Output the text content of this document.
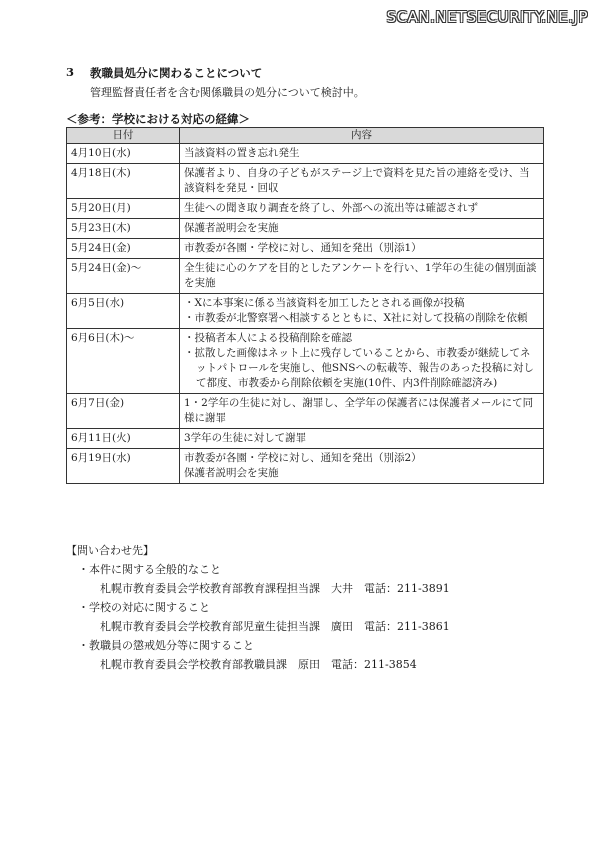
SCAN.NETSECURITY.NE.JP
3	教職員処分に関わることについて
管理監督責任者を含む関係職員の処分について検討中。
＜参考：学校における対応の経緯＞
日付	内容
4月10日(水)	当該資料の置き忘れ発生
4月18日(木)	保護者より、自身の子どもがステージ上で資料を見た旨の連絡を受け、当該資料を発見・回収
5月20日(月)	生徒への聞き取り調査を終了し、外部への流出等は確認されず
5月23日(木)	保護者説明会を実施
5月24日(金)	市教委が各園・学校に対し、通知を発出（別添1）
5月24日(金)～	全生徒に心のケアを目的としたアンケートを行い、1学年の生徒の個別面談を実施
6月5日(水)	・Xに本事案に係る当該資料を加工したとされる画像が投稿
・市教委が北警察署へ相談するとともに、X社に対して投稿の削除を依頼

6月6日(木)～	・投稿者本人による投稿削除を確認
・拡散した画像はネット上に残存していることから、市教委が継続してネットパトロールを実施し、他SNSへの転載等、報告のあった投稿に対して都度、市教委から削除依頼を実施(10件、内3件削除確認済み)

6月7日(金)	1・2学年の生徒に対し、謝罪し、全学年の保護者には保護者メールにて同様に謝罪
6月11日(火)	3学年の生徒に対して謝罪
6月19日(水)	市教委が各園・学校に対し、通知を発出（別添2）
保護者説明会を実施
【問い合わせ先】
・本件に関する全般的なこと
札幌市教育委員会学校教育部教育課程担当課　大井　電話：211-3891
・学校の対応に関すること
札幌市教育委員会学校教育部児童生徒担当課　廣田　電話：211-3861
・教職員の懲戒処分等に関すること
札幌市教育委員会学校教育部教職員課　原田　電話：211-3854
